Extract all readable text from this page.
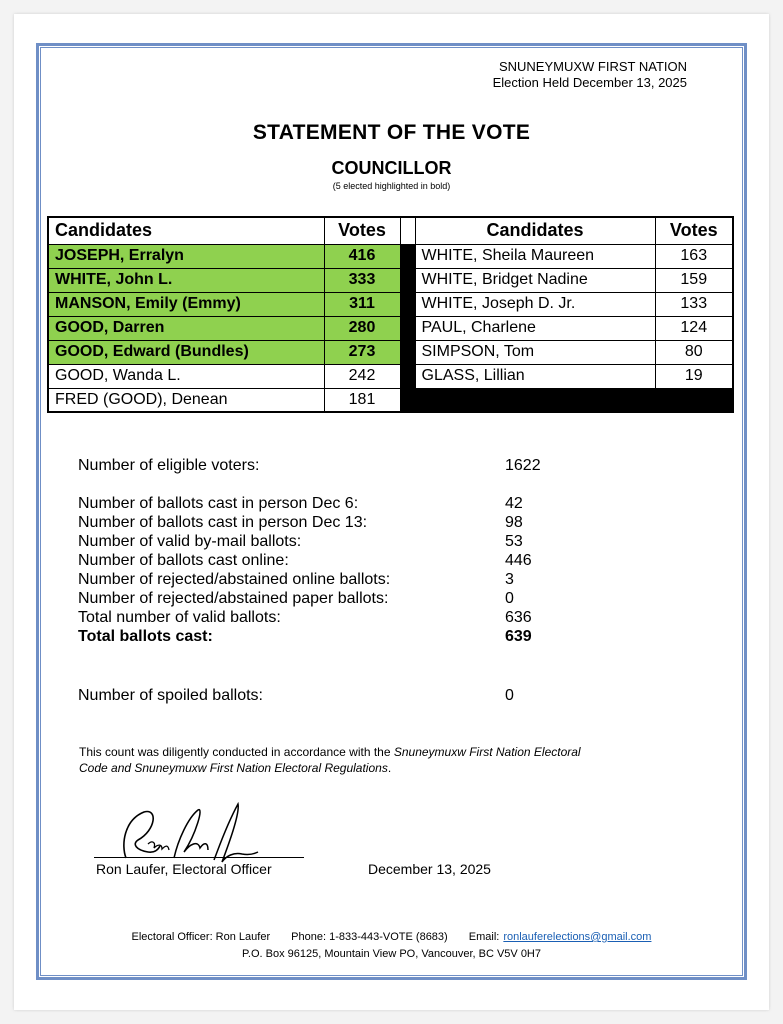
SNUNEYMUXW FIRST NATION
Election Held December 13, 2025
STATEMENT OF THE VOTE
COUNCILLOR
(5 elected highlighted in bold)
Candidates	Votes		Candidates	Votes
JOSEPH, Erralyn	416		WHITE, Sheila Maureen	163
WHITE, John L.	333		WHITE, Bridget Nadine	159
MANSON, Emily (Emmy)	311		WHITE, Joseph D. Jr.	133
GOOD, Darren	280		PAUL, Charlene	124
GOOD, Edward (Bundles)	273		SIMPSON, Tom	80
GOOD, Wanda L.	242		GLASS, Lillian	19
FRED (GOOD), Denean	181			
Number of eligible voters:	1622
Number of ballots cast in person Dec 6:	42
Number of ballots cast in person Dec 13:	98
Number of valid by-mail ballots:	53
Number of ballots cast online:	446
Number of rejected/abstained online ballots:	3
Number of rejected/abstained paper ballots:	0
Total number of valid ballots:	636
Total ballots cast:	639
Number of spoiled ballots:	0
This count was diligently conducted in accordance with the Snuneymuxw First Nation Electoral
Code and Snuneymuxw First Nation Electoral Regulations.
Ron Laufer, Electoral Officer	December 13, 2025
Electoral Officer: Ron Laufer Phone: 1-833-443-VOTE (8683) Email: ronlauferelections@gmail.com
P.O. Box 96125, Mountain View PO, Vancouver, BC V5V 0H7
